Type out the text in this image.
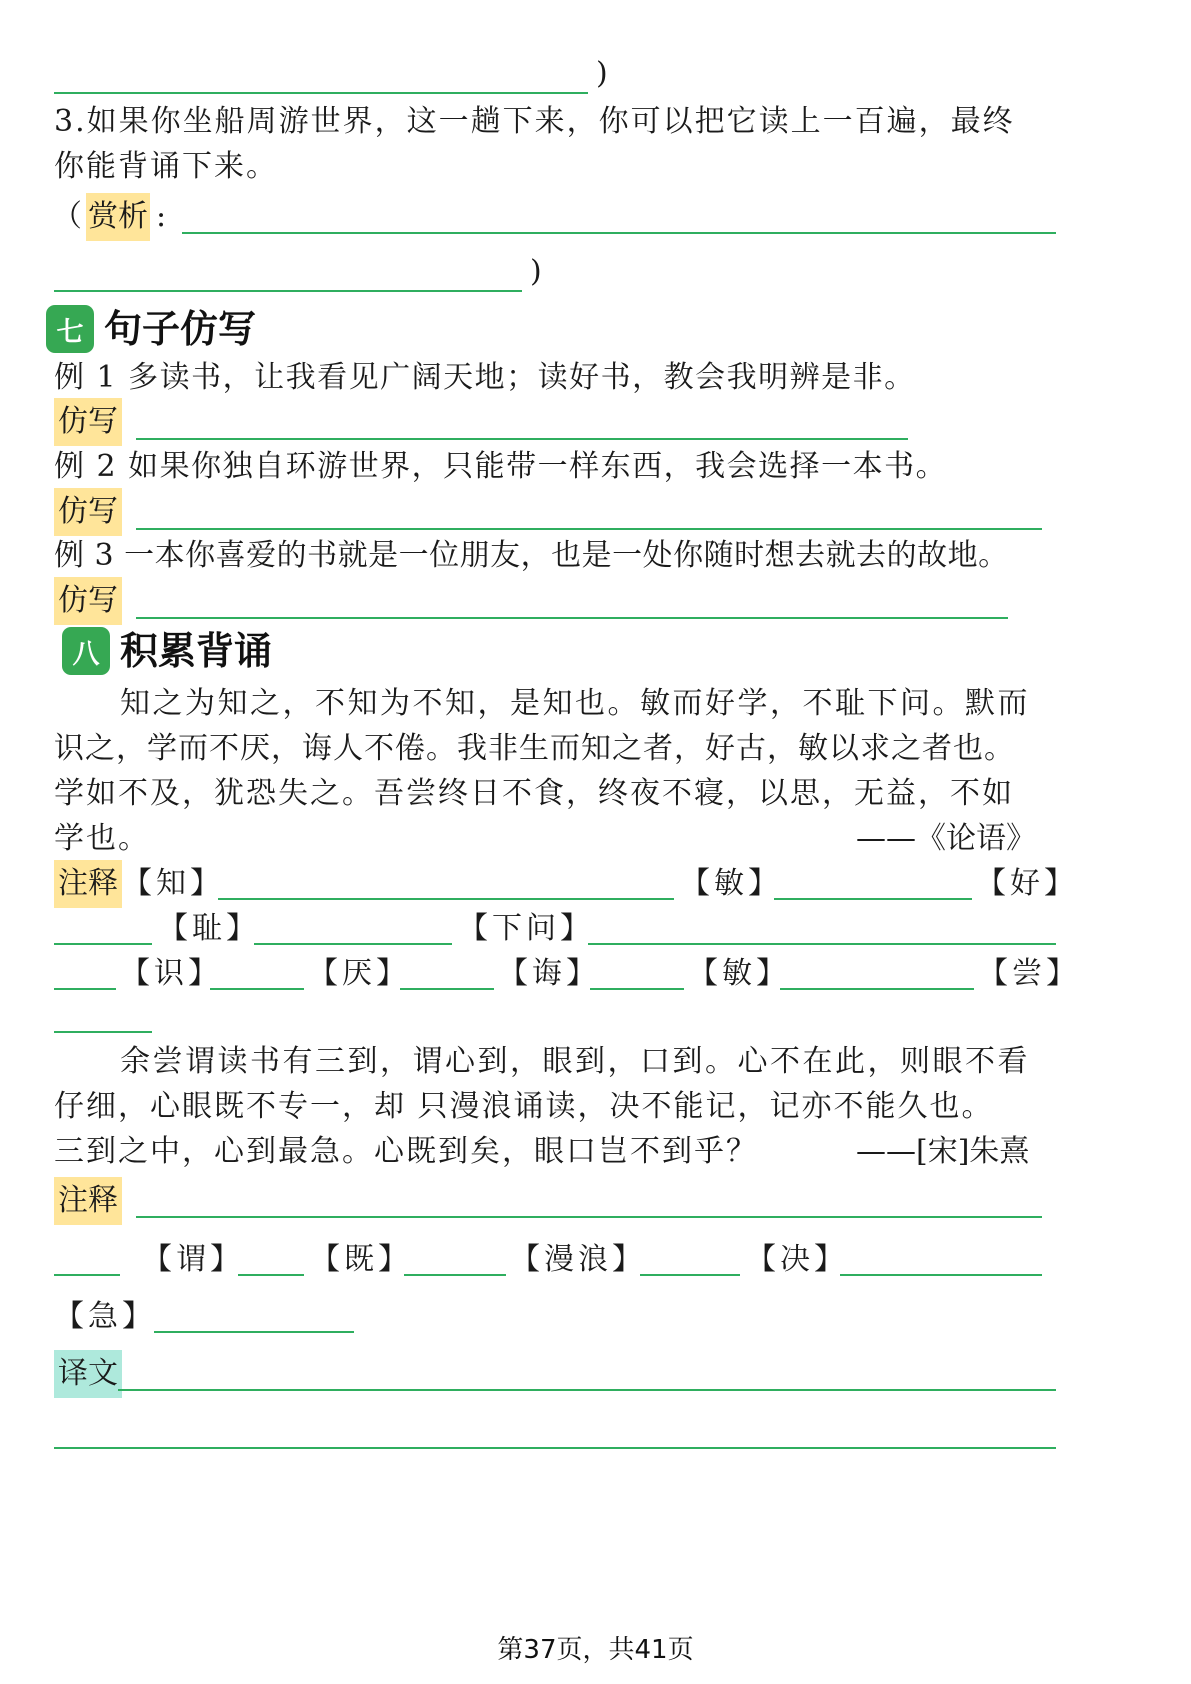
)
3.如果你坐船周游世界，这一趟下来，你可以把它读上一百遍，最终
你能背诵下来。
（ 赏析 :
)
七 句子仿写
例 1 多读书，让我看见广阔天地；读好书，教会我明辨是非。
仿写
例 2 如果你独自环游世界，只能带一样东西，我会选择一本书。
仿写
例 3 一本你喜爱的书就是一位朋友，也是一处你随时想去就去的故地。
仿写
八 积累背诵
知之为知之，不知为不知，是知也。敏而好学，不耻下问。默而
识之，学而不厌，诲人不倦。我非生而知之者，好古，敏以求之者也。
学如不及，犹恐失之。吾尝终日不食，终夜不寝，以思，无益，不如
学也。	——《论语》
注释 【知】	【敏】	【好】
【耻】	【下问】
【识】	【厌】	【诲】	【敏】	【尝】
余尝谓读书有三到，谓心到，眼到，口到。心不在此，则眼不看
仔细，心眼既不专一，却 只漫浪诵读，决不能记，记亦不能久也。
三到之中，心到最急。心既到矣，眼口岂不到乎？	——[宋]朱熹
注释
【谓】 【既】	【漫浪】	【决】
【急】
译文
第37页，共41页
